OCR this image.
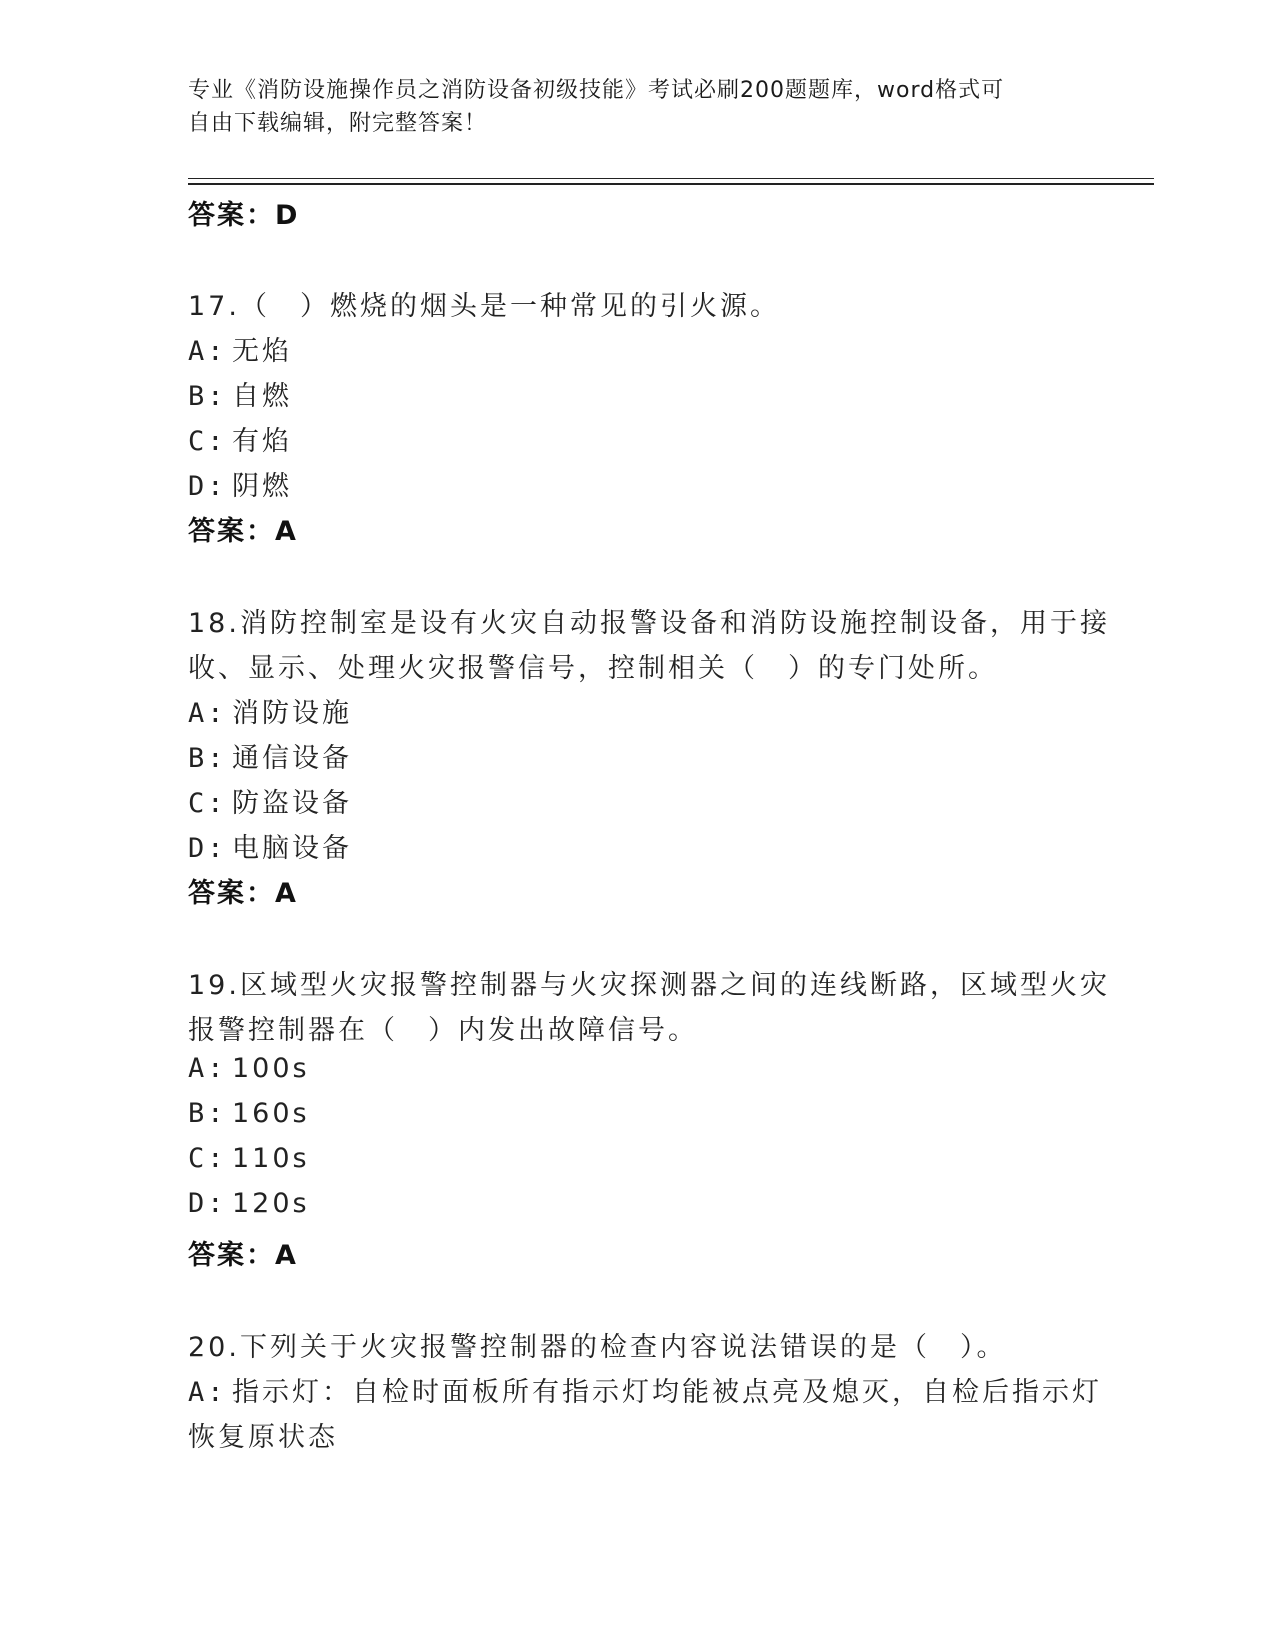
专业《消防设施操作员之消防设备初级技能》考试必刷200题题库，word格式可
自由下载编辑，附完整答案！
答案：D
17.（　）燃烧的烟头是一种常见的引火源。
A: 无焰
B: 自燃
C: 有焰
D: 阴燃
答案：A
18.消防控制室是设有火灾自动报警设备和消防设施控制设备，用于接
收、显示、处理火灾报警信号，控制相关（　）的专门处所。
A: 消防设施
B: 通信设备
C: 防盗设备
D: 电脑设备
答案：A
19.区域型火灾报警控制器与火灾探测器之间的连线断路，区域型火灾
报警控制器在（　）内发出故障信号。
A: 100s
B: 160s
C: 110s
D: 120s
答案：A
20.下列关于火灾报警控制器的检查内容说法错误的是（　）。
A: 指示灯：自检时面板所有指示灯均能被点亮及熄灭，自检后指示灯
恢复原状态
